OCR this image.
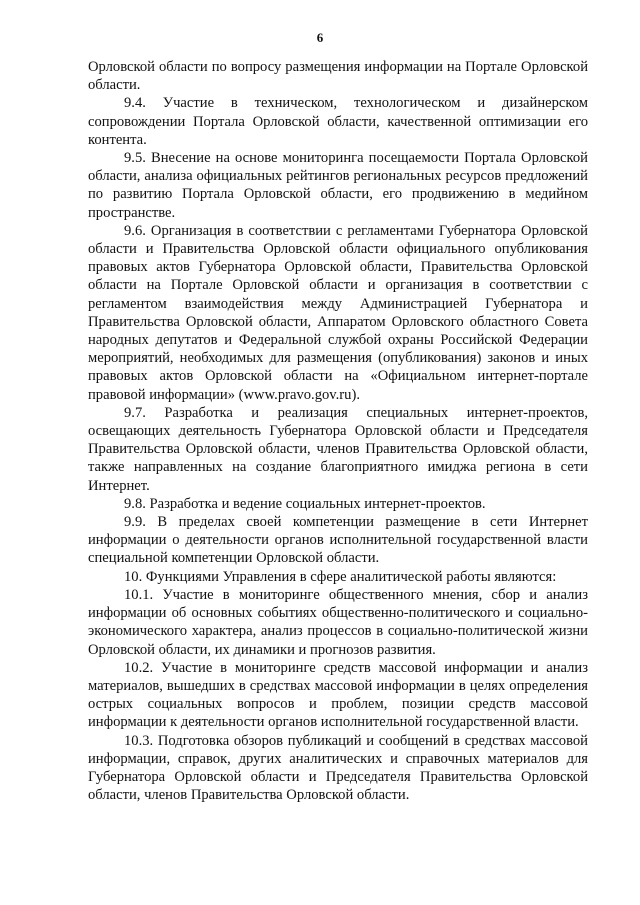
6

Орловской области по вопросу размещения информации на Портале Орловской области.

9.4. Участие в техническом, технологическом и дизайнерском сопровождении Портала Орловской области, качественной оптимизации его контента.

9.5. Внесение на основе мониторинга посещаемости Портала Орловской области, анализа официальных рейтингов региональных ресурсов предложений по развитию Портала Орловской области, его продвижению в медийном пространстве.

9.6. Организация в соответствии с регламентами Губернатора Орловской области и Правительства Орловской области официального опубликования правовых актов Губернатора Орловской области, Правительства Орловской области на Портале Орловской области и организация в соответствии с регламентом взаимодействия между Администрацией Губернатора и Правительства Орловской области, Аппаратом Орловского областного Совета народных депутатов и Федеральной службой охраны Российской Федерации мероприятий, необходимых для размещения (опубликования) законов и иных правовых актов Орловской области на «Официальном интернет-портале правовой информации» (www.pravo.gov.ru).

9.7. Разработка и реализация специальных интернет-проектов, освещающих деятельность Губернатора Орловской области и Председателя Правительства Орловской области, членов Правительства Орловской области, также направленных на создание благоприятного имиджа региона в сети Интернет.

9.8. Разработка и ведение социальных интернет-проектов.

9.9. В пределах своей компетенции размещение в сети Интернет информации о деятельности органов исполнительной государственной власти специальной компетенции Орловской области.

10. Функциями Управления в сфере аналитической работы являются:

10.1. Участие в мониторинге общественного мнения, сбор и анализ информации об основных событиях общественно-политического и социально-экономического характера, анализ процессов в социально-политической жизни Орловской области, их динамики и прогнозов развития.

10.2. Участие в мониторинге средств массовой информации и анализ материалов, вышедших в средствах массовой информации в целях определения острых социальных вопросов и проблем, позиции средств массовой информации к деятельности органов исполнительной государственной власти.

10.3. Подготовка обзоров публикаций и сообщений в средствах массовой информации, справок, других аналитических и справочных материалов для Губернатора Орловской области и Председателя Правительства Орловской области, членов Правительства Орловской области.
